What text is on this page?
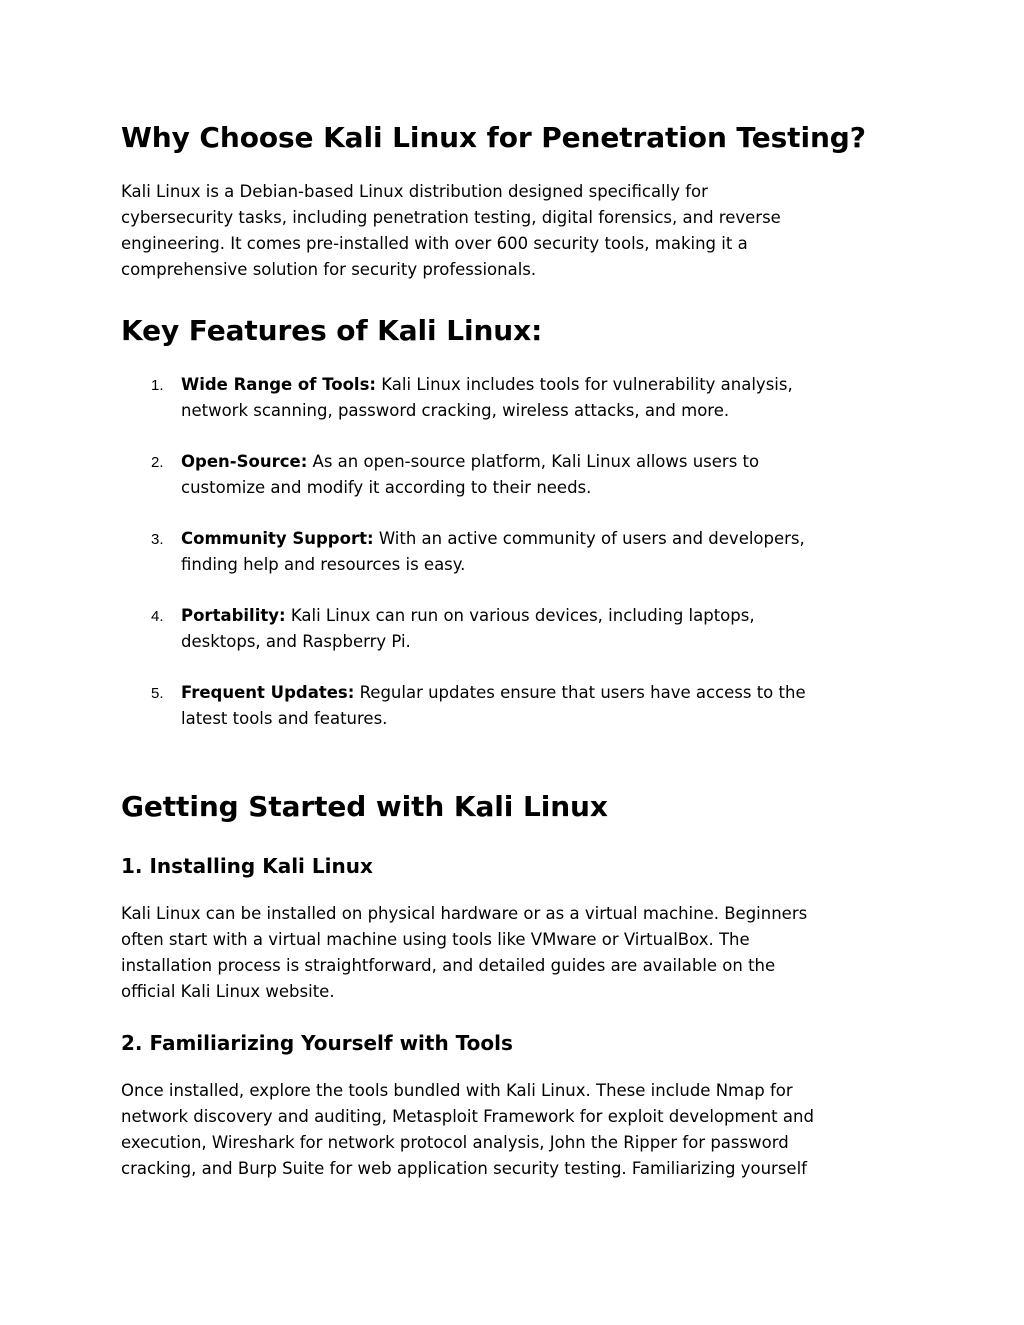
Why Choose Kali Linux for Penetration Testing?

Kali Linux is a Debian-based Linux distribution designed specifically for
cybersecurity tasks, including penetration testing, digital forensics, and reverse
engineering. It comes pre-installed with over 600 security tools, making it a
comprehensive solution for security professionals.

Key Features of Kali Linux:
1. Wide Range of Tools: Kali Linux includes tools for vulnerability analysis,
network scanning, password cracking, wireless attacks, and more.
2. Open-Source: As an open-source platform, Kali Linux allows users to
customize and modify it according to their needs.
3. Community Support: With an active community of users and developers,
finding help and resources is easy.
4. Portability: Kali Linux can run on various devices, including laptops,
desktops, and Raspberry Pi.
5. Frequent Updates: Regular updates ensure that users have access to the
latest tools and features.
Getting Started with Kali Linux
1. Installing Kali Linux

Kali Linux can be installed on physical hardware or as a virtual machine. Beginners
often start with a virtual machine using tools like VMware or VirtualBox. The
installation process is straightforward, and detailed guides are available on the
official Kali Linux website.

2. Familiarizing Yourself with Tools

Once installed, explore the tools bundled with Kali Linux. These include Nmap for
network discovery and auditing, Metasploit Framework for exploit development and
execution, Wireshark for network protocol analysis, John the Ripper for password
cracking, and Burp Suite for web application security testing. Familiarizing yourself
